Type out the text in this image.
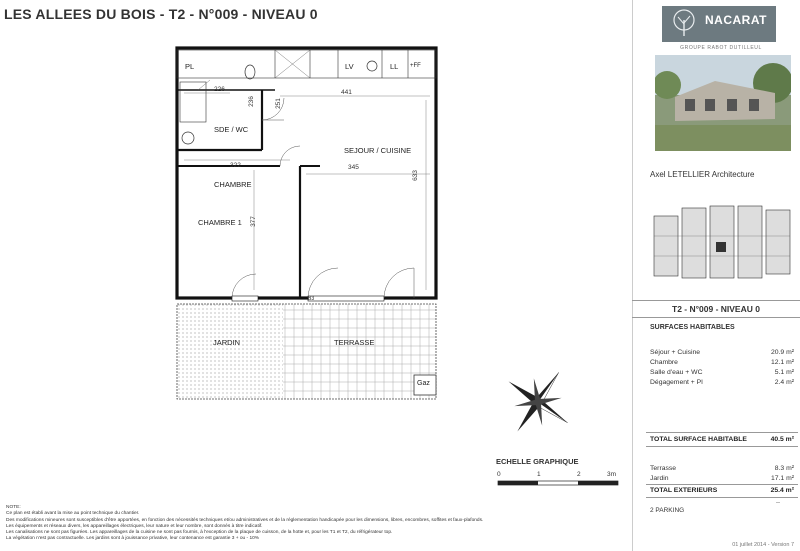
LES ALLEES DU BOIS - T2 - N°009 - NIVEAU 0
PL	LV	LL +FF
B3
SDE / WC
SEJOUR / CUISINE
CHAMBRE
CHAMBRE 1
JARDIN	TERRASSE
Gaz
226	441
236	251
322	345
377
633
ECHELLE GRAPHIQUE
0	1	2	3m
NOTE:
Ce plan est établi avant la mise au point technique du chantier.
Des modifications mineures sont susceptibles d'être apportées, en fonction des nécessités techniques et/ou administratives et de la réglementation handicapée pour les dimensions, libres, encombres, soffites et faux-plafonds.
Les équipements et réseaux divers, les appareillages électriques, leur nature et leur nombre, sont donnés à titre indicatif.
Les canalisations ne sont pas figurées. Les appareillages de la cuisine ne sont pas fournis, à l'exception de la plaque de cuisson, de la hotte et, pour les T1 et T2, du réfrigérateur top.
La végétation n'est pas contractuelle. Les jardins sont à jouissance privative, leur contenance est garantie 3 + ou - 10%
NACARAT
GROUPE RABOT DUTILLEUL
Axel LETELLIER Architecture
T2 - N°009 - NIVEAU 0
SURFACES HABITABLES
Séjour + Cuisine	20.9 m²
Chambre	12.1 m²
Salle d'eau + WC	5.1 m²
Dégagement + Pl	2.4 m²
TOTAL SURFACE HABITABLE	40.5 m²
Terrasse	8.3 m²
Jardin	17.1 m²
TOTAL EXTERIEURS	25.4 m²
2 PARKING
--
01 juillet 2014 - Version 7
